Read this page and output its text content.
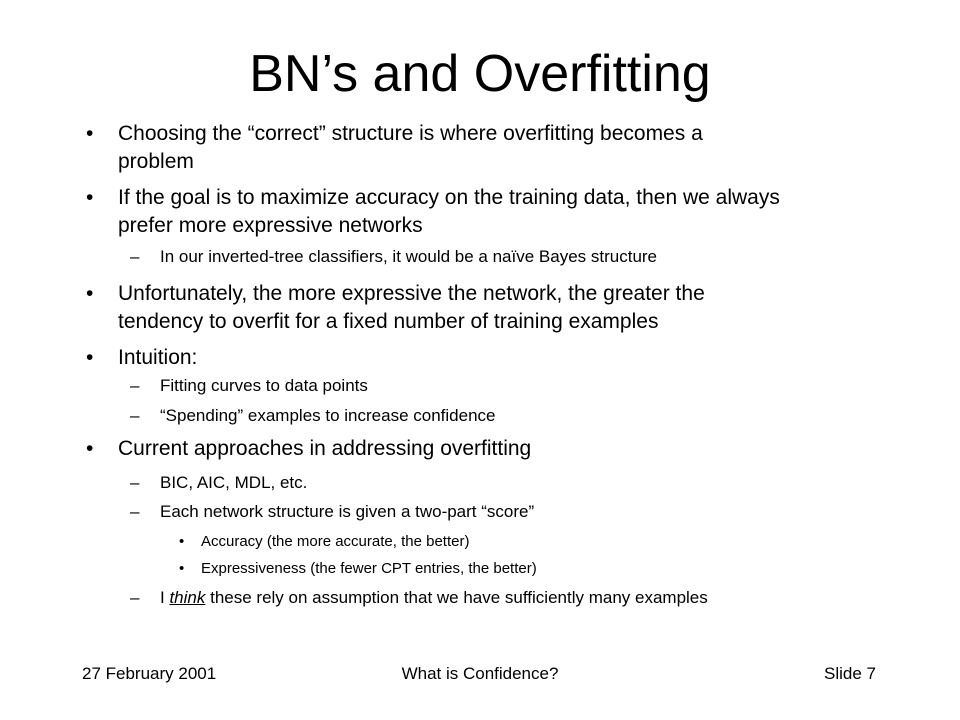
BN’s and Overfitting
• Choosing the “correct” structure is where overfitting becomes a
problem
• If the goal is to maximize accuracy on the training data, then we always
prefer more expressive networks
– In our inverted-tree classifiers, it would be a naïve Bayes structure
• Unfortunately, the more expressive the network, the greater the
tendency to overfit for a fixed number of training examples
• Intuition:
– Fitting curves to data points
– “Spending” examples to increase confidence
• Current approaches in addressing overfitting
– BIC, AIC, MDL, etc.
– Each network structure is given a two-part “score”
• Accuracy (the more accurate, the better)
• Expressiveness (the fewer CPT entries, the better)
– I think these rely on assumption that we have sufficiently many examples
27 February 2001	What is Confidence?	Slide 7
